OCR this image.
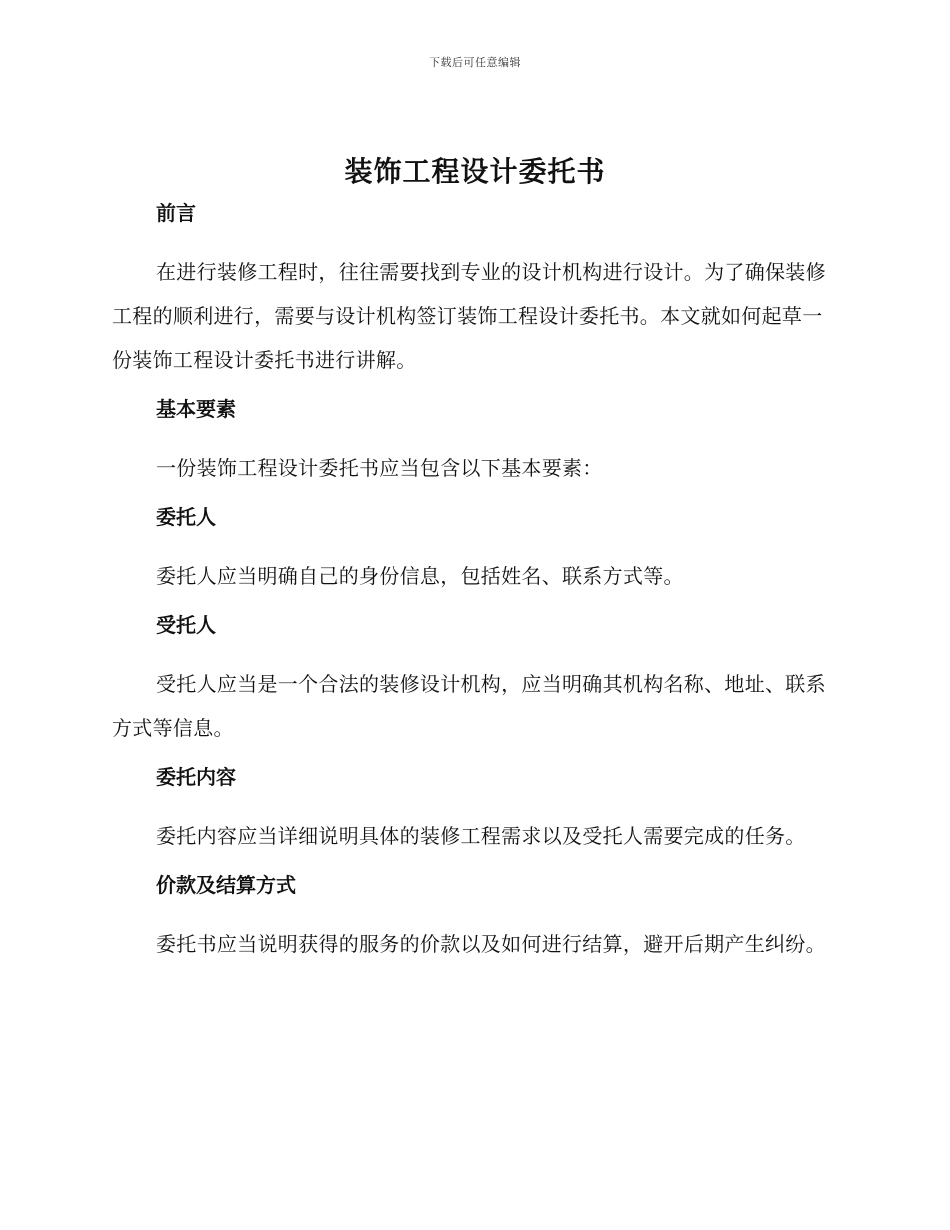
下载后可任意编辑
装饰工程设计委托书
前言

在进行装修工程时，往往需要找到专业的设计机构进行设计。为了确保装修工程的顺利进行，需要与设计机构签订装饰工程设计委托书。本文就如何起草一份装饰工程设计委托书进行讲解。

基本要素

一份装饰工程设计委托书应当包含以下基本要素：

委托人

委托人应当明确自己的身份信息，包括姓名、联系方式等。

受托人

受托人应当是一个合法的装修设计机构，应当明确其机构名称、地址、联系方式等信息。

委托内容

委托内容应当详细说明具体的装修工程需求以及受托人需要完成的任务。

价款及结算方式

委托书应当说明获得的服务的价款以及如何进行结算，避开后期产生纠纷。
